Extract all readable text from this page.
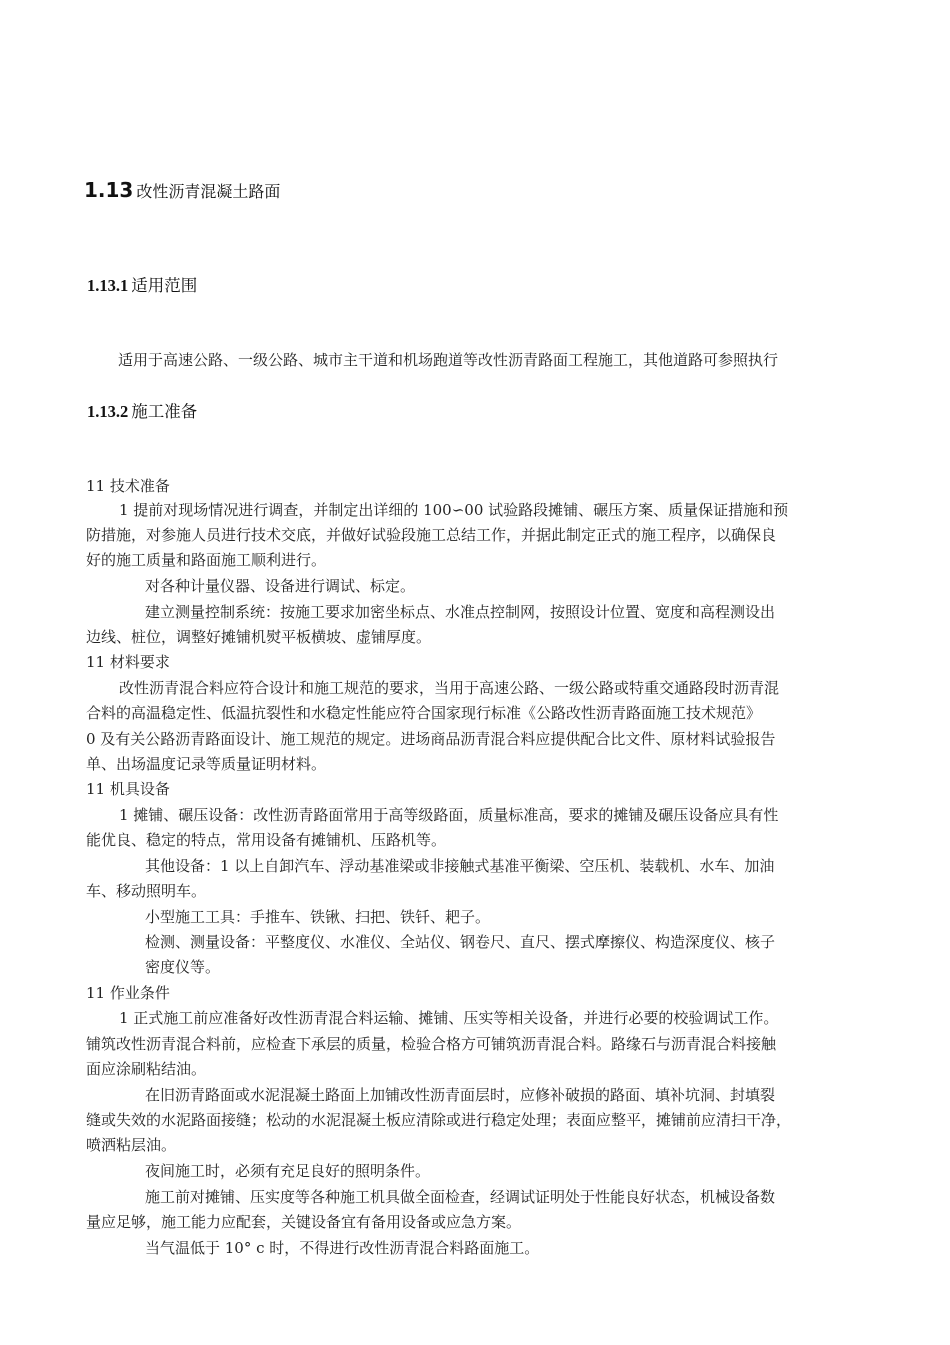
1.13 改性沥青混凝土路面
1.13.1 适用范围
适用于高速公路、一级公路、城市主干道和机场跑道等改性沥青路面工程施工，其他道路可参照执行
1.13.2 施工准备
11 技术准备
1 提前对现场情况进行调查，并制定出详细的 100∽00 试验路段摊铺、碾压方案、质量保证措施和预
防措施，对参施人员进行技术交底，并做好试验段施工总结工作，并据此制定正式的施工程序，以确保良
好的施工质量和路面施工顺利进行。
对各种计量仪器、设备进行调试、标定。
建立测量控制系统：按施工要求加密坐标点、水准点控制网，按照设计位置、宽度和高程测设出
边线、桩位，调整好摊铺机熨平板横坡、虚铺厚度。
11 材料要求
改性沥青混合料应符合设计和施工规范的要求，当用于高速公路、一级公路或特重交通路段时沥青混
合料的高温稳定性、低温抗裂性和水稳定性能应符合国家现行标准《公路改性沥青路面施工技术规范》
0 及有关公路沥青路面设计、施工规范的规定。进场商品沥青混合料应提供配合比文件、原材料试验报告
单、出场温度记录等质量证明材料。
11 机具设备
1 摊铺、碾压设备：改性沥青路面常用于高等级路面，质量标准高，要求的摊铺及碾压设备应具有性
能优良、稳定的特点，常用设备有摊铺机、压路机等。
其他设备：1 以上自卸汽车、浮动基准梁或非接触式基准平衡梁、空压机、装载机、水车、加油
车、移动照明车。
小型施工工具：手推车、铁锹、扫把、铁钎、耙子。
检测、测量设备：平整度仪、水准仪、全站仪、钢卷尺、直尺、摆式摩擦仪、构造深度仪、核子
密度仪等。
11 作业条件
1 正式施工前应准备好改性沥青混合料运输、摊铺、压实等相关设备，并进行必要的校验调试工作。
铺筑改性沥青混合料前，应检查下承层的质量，检验合格方可铺筑沥青混合料。路缘石与沥青混合料接触
面应涂刷粘结油。
在旧沥青路面或水泥混凝土路面上加铺改性沥青面层时，应修补破损的路面、填补坑洞、封填裂
缝或失效的水泥路面接缝；松动的水泥混凝土板应清除或进行稳定处理；表面应整平，摊铺前应清扫干净，
喷洒粘层油。
夜间施工时，必须有充足良好的照明条件。
施工前对摊铺、压实度等各种施工机具做全面检查，经调试证明处于性能良好状态，机械设备数
量应足够，施工能力应配套，关键设备宜有备用设备或应急方案。
当气温低于 10° c 时，不得进行改性沥青混合料路面施工。
